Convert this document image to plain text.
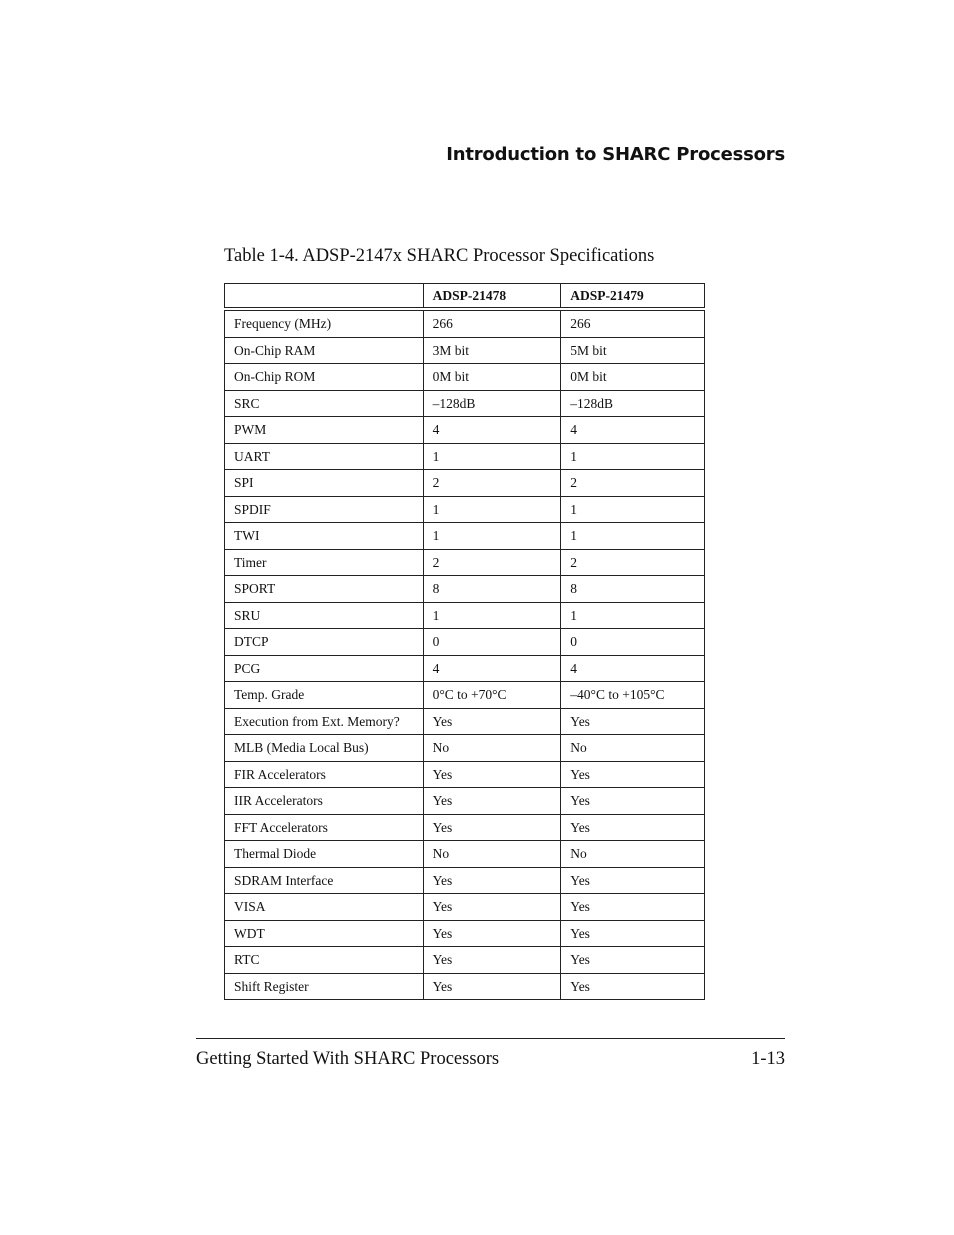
Introduction to SHARC Processors
Table 1-4. ADSP-2147x SHARC Processor Specifications
	ADSP-21478	ADSP-21479
Frequency (MHz)	266	266
On-Chip RAM	3M bit	5M bit
On-Chip ROM	0M bit	0M bit
SRC	–128dB	–128dB
PWM	4	4
UART	1	1
SPI	2	2
SPDIF	1	1
TWI	1	1
Timer	2	2
SPORT	8	8
SRU	1	1
DTCP	0	0
PCG	4	4
Temp. Grade	0°C to +70°C	–40°C to +105°C
Execution from Ext. Memory?	Yes	Yes
MLB (Media Local Bus)	No	No
FIR Accelerators	Yes	Yes
IIR Accelerators	Yes	Yes
FFT Accelerators	Yes	Yes
Thermal Diode	No	No
SDRAM Interface	Yes	Yes
VISA	Yes	Yes
WDT	Yes	Yes
RTC	Yes	Yes
Shift Register	Yes	Yes
Getting Started With SHARC Processors	1-13
